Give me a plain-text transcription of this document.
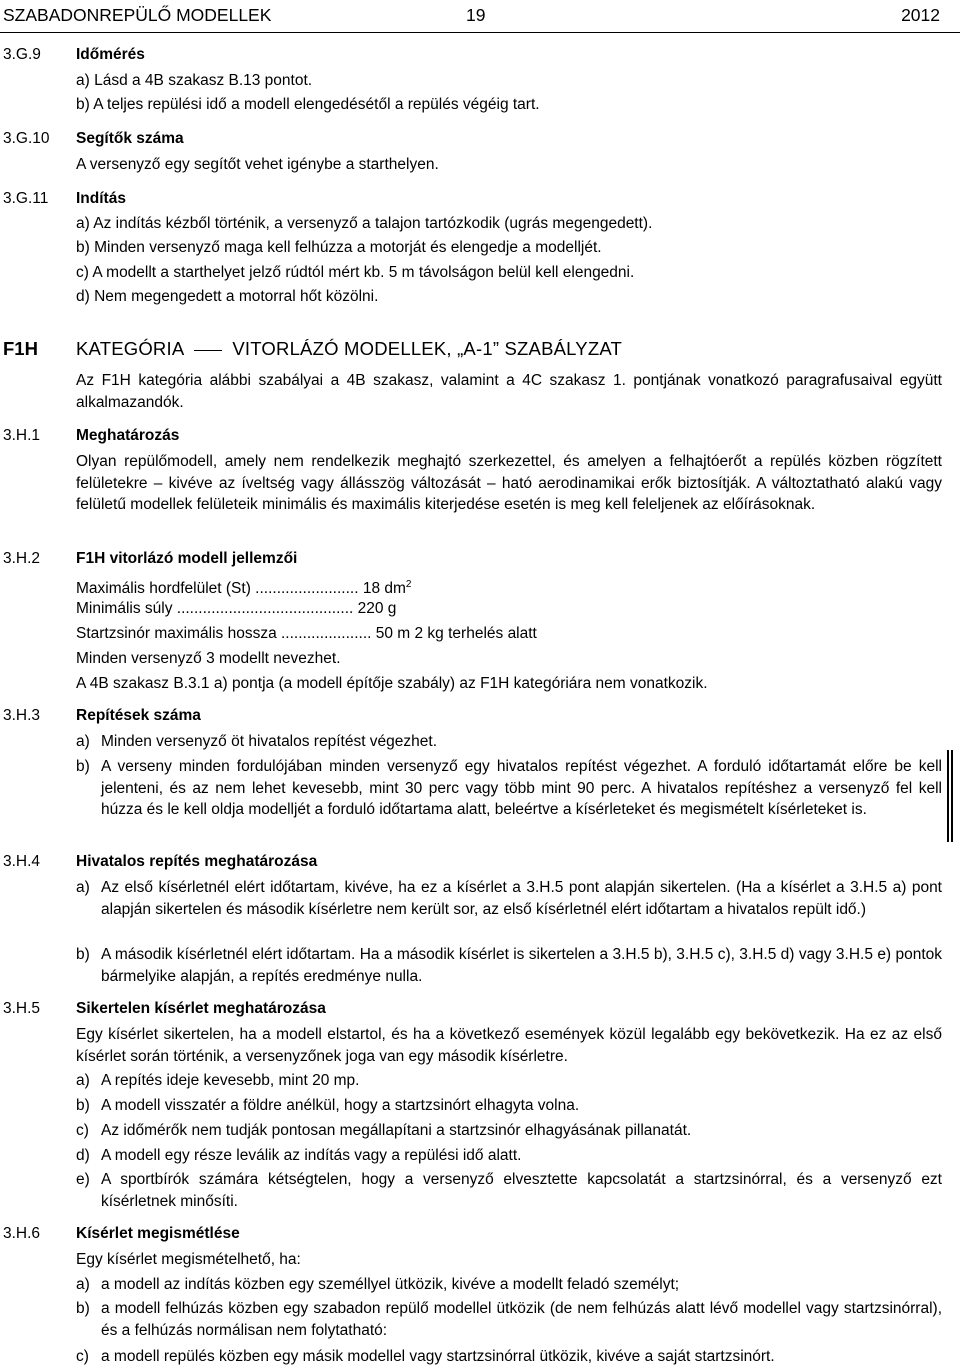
SZABADONREPÜLŐ MODELLEK	19	2012
3.G.9 Időmérés
a) Lásd a 4B szakasz B.13 pontot.
b) A teljes repülési idő a modell elengedésétől a repülés végéig tart.
3.G.10 Segítők száma
A versenyző egy segítőt vehet igénybe a starthelyen.
3.G.11 Indítás
a) Az indítás kézből történik, a versenyző a talajon tartózkodik (ugrás megengedett).
b) Minden versenyző maga kell felhúzza a motorját és elengedje a modelljét.
c) A modellt a starthelyet jelző rúdtól mért kb. 5 m távolságon belül kell elengedni.
d) Nem megengedett a motorral hőt közölni.
F1H KATEGÓRIA	VITORLÁZÓ MODELLEK, „A-1” SZABÁLYZAT
Az F1H kategória alábbi szabályai a 4B szakasz, valamint a 4C szakasz 1. pontjának vonatkozó paragrafusaival együtt alkalmazandók.
3.H.1 Meghatározás
Olyan repülőmodell, amely nem rendelkezik meghajtó szerkezettel, és amelyen a felhajtóerőt a repülés közben rögzített felületekre – kivéve az íveltség vagy állásszög változását – ható aerodinamikai erők biztosítják. A változtatható alakú vagy felületű modellek felületeik minimális és maximális kiterjedése esetén is meg kell feleljenek az előírásoknak.
3.H.2 F1H vitorlázó modell jellemzői
Maximális hordfelület (St) ........................ 18 $dm^2$
Minimális súly ......................................... 220 g
Startzsinór maximális hossza ..................... 50 m 2 kg terhelés alatt
Minden versenyző 3 modellt nevezhet.
A 4B szakasz B.3.1 a) pontja (a modell építője szabály) az F1H kategóriára nem vonatkozik.
3.H.3 Repítések száma
a) Minden versenyző öt hivatalos repítést végezhet.
b) A verseny minden fordulójában minden versenyző egy hivatalos repítést végezhet. A forduló időtartamát előre be kell jelenteni, és az nem lehet kevesebb, mint 30 perc vagy több mint 90 perc. A hivatalos repítéshez a versenyző fel kell húzza és le kell oldja modelljét a forduló időtartama alatt, beleértve a kísérleteket és megismételt kísérleteket is.
3.H.4 Hivatalos repítés meghatározása
a) Az első kísérletnél elért időtartam, kivéve, ha ez a kísérlet a 3.H.5 pont alapján sikertelen. (Ha a kísérlet a 3.H.5 a) pont alapján sikertelen és második kísérletre nem került sor, az első kísérletnél elért időtartam a hivatalos repült idő.)
b) A második kísérletnél elért időtartam. Ha a második kísérlet is sikertelen a 3.H.5 b), 3.H.5 c), 3.H.5 d) vagy 3.H.5 e) pontok bármelyike alapján, a repítés eredménye nulla.
3.H.5 Sikertelen kísérlet meghatározása
Egy kísérlet sikertelen, ha a modell elstartol, és ha a következő események közül legalább egy bekövetkezik. Ha ez az első kísérlet során történik, a versenyzőnek joga van egy második kísérletre.
a) A repítés ideje kevesebb, mint 20 mp.
b) A modell visszatér a földre anélkül, hogy a startzsinórt elhagyta volna.
c) Az időmérők nem tudják pontosan megállapítani a startzsinór elhagyásának pillanatát.
d) A modell egy része leválik az indítás vagy a repülési idő alatt.
e) A sportbírók számára kétségtelen, hogy a versenyző elvesztette kapcsolatát a startzsinórral, és a versenyző ezt kísérletnek minősíti.
3.H.6 Kísérlet megismétlése
Egy kísérlet megismételhető, ha:
a) a modell az indítás közben egy személlyel ütközik, kivéve a modellt feladó személyt;
b) a modell felhúzás közben egy szabadon repülő modellel ütközik (de nem felhúzás alatt lévő modellel vagy startzsinórral), és a felhúzás normálisan nem folytatható:
c) a modell repülés közben egy másik modellel vagy startzsinórral ütközik, kivéve a saját startzsinórt.
